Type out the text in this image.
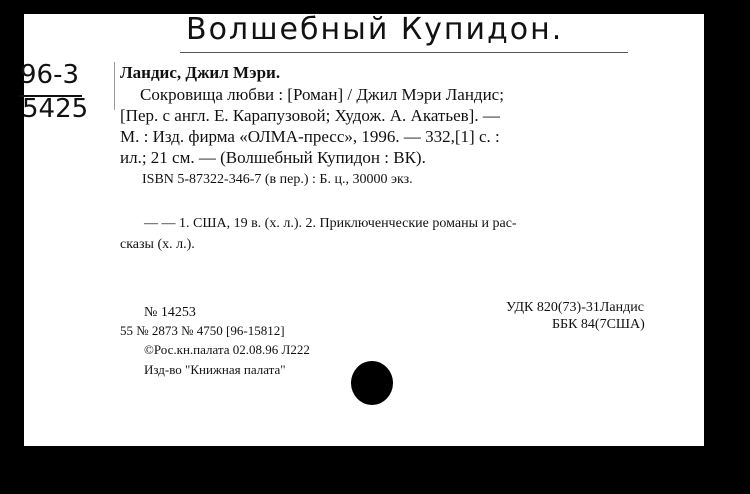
Волшебный Купидон.
96-3
5425
Ландис, Джил Мэри.
Сокровища любви : [Роман] / Джил Мэри Ландис;
[Пер. с англ. Е. Карапузовой; Худож. А. Акатьев]. —
М. : Изд. фирма «ОЛМА-пресс», 1996. — 332,[1] с. :
ил.; 21 см. — (Волшебный Купидон : ВК).
ISBN 5-87322-346-7 (в пер.) : Б. ц., 30000 экз.
— — 1. США, 19 в. (х. л.). 2. Приключенческие романы и рас-
сказы (х. л.).
№ 14253
55 № 2873 № 4750 [96-15812]
©Рос.кн.палата 02.08.96 Л222
Изд-во "Книжная палата"
УДК 820(73)-31Ландис
ББК 84(7США)
